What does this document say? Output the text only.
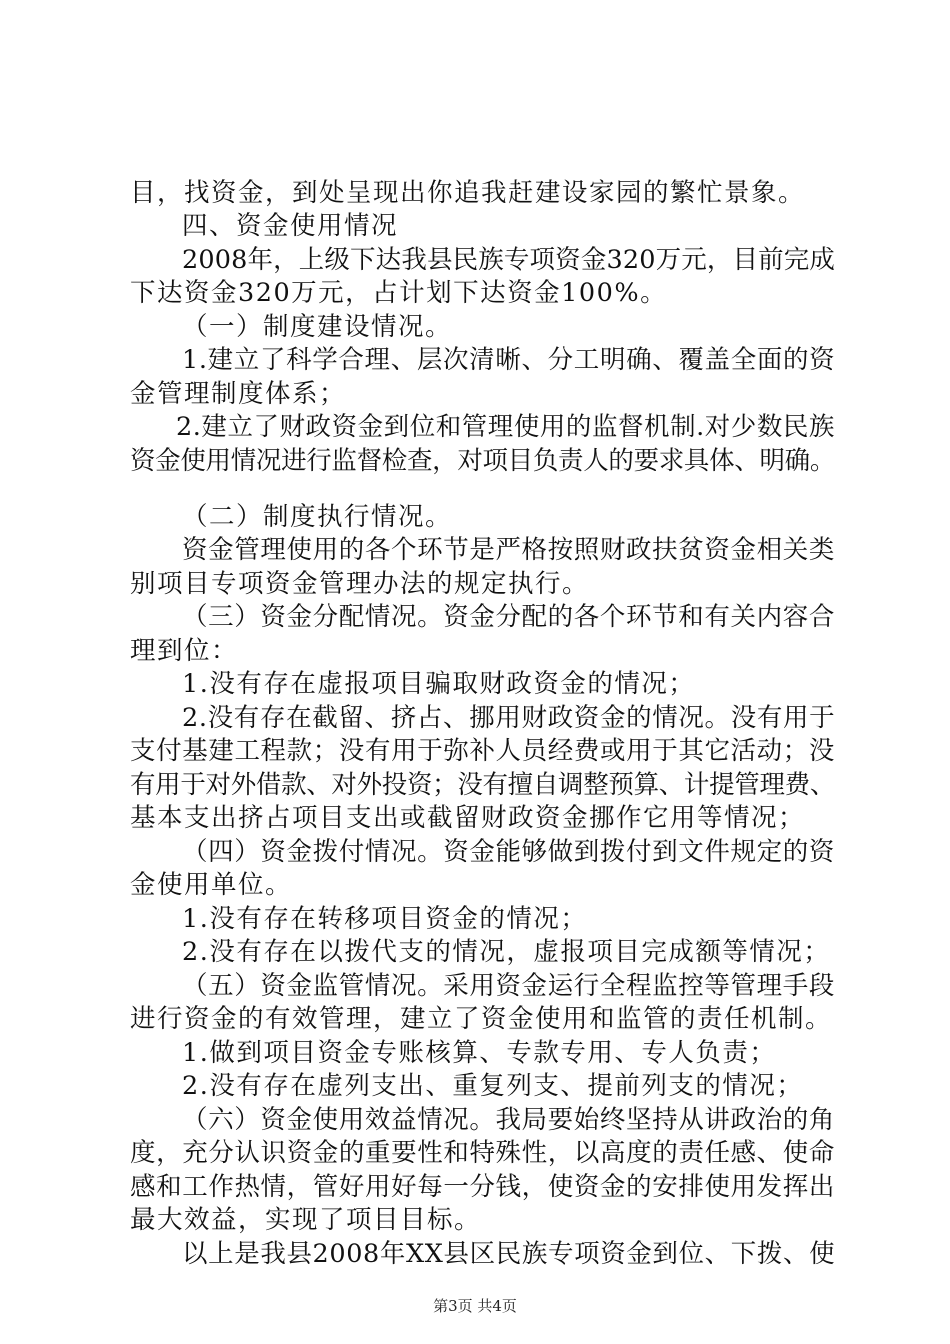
目，找资金，到处呈现出你追我赶建设家园的繁忙景象。
四、资金使用情况
2008年，上级下达我县民族专项资金320万元，目前完成
下达资金320万元，占计划下达资金100%。
（一）制度建设情况。
1.建立了科学合理、层次清晰、分工明确、覆盖全面的资
金管理制度体系；
2.建立了财政资金到位和管理使用的监督机制.对少数民族
资金使用情况进行监督检查，对项目负责人的要求具体、明确。
（二）制度执行情况。
资金管理使用的各个环节是严格按照财政扶贫资金相关类
别项目专项资金管理办法的规定执行。
（三）资金分配情况。资金分配的各个环节和有关内容合
理到位：
1.没有存在虚报项目骗取财政资金的情况；
2.没有存在截留、挤占、挪用财政资金的情况。没有用于
支付基建工程款；没有用于弥补人员经费或用于其它活动；没
有用于对外借款、对外投资；没有擅自调整预算、计提管理费、
基本支出挤占项目支出或截留财政资金挪作它用等情况；
（四）资金拨付情况。资金能够做到拨付到文件规定的资
金使用单位。
1.没有存在转移项目资金的情况；
2.没有存在以拨代支的情况，虚报项目完成额等情况；
（五）资金监管情况。采用资金运行全程监控等管理手段
进行资金的有效管理，建立了资金使用和监管的责任机制。
1.做到项目资金专账核算、专款专用、专人负责；
2.没有存在虚列支出、重复列支、提前列支的情况；
（六）资金使用效益情况。我局要始终坚持从讲政治的角
度，充分认识资金的重要性和特殊性，以高度的责任感、使命
感和工作热情，管好用好每一分钱，使资金的安排使用发挥出
最大效益，实现了项目目标。
以上是我县2008年XX县区民族专项资金到位、下拨、使
第3页 共4页
